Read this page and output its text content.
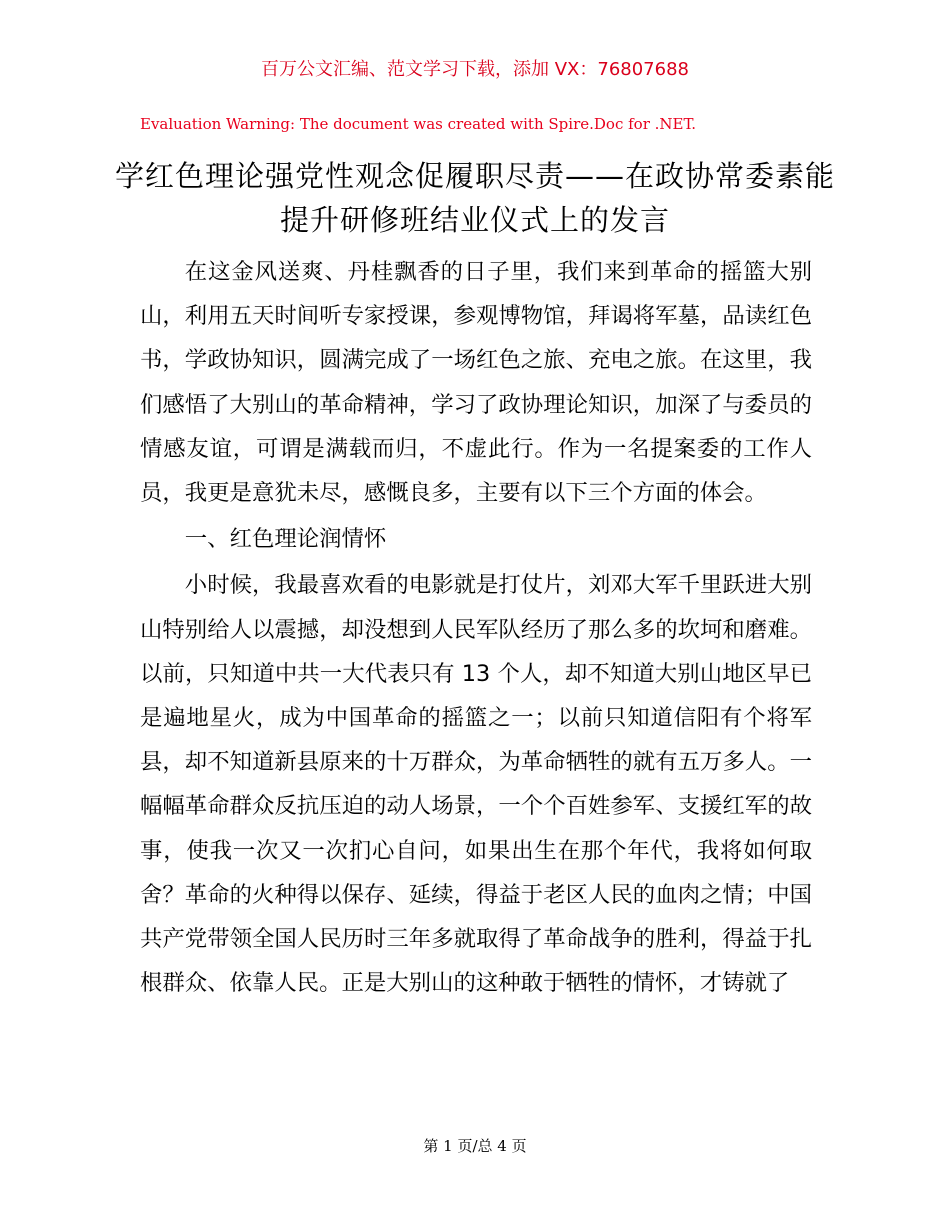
百万公文汇编、范文学习下载，添加 VX：76807688
Evaluation Warning: The document was created with Spire.Doc for .NET.
学红色理论强党性观念促履职尽责——在政协常委素能提升研修班结业仪式上的发言

在这金风送爽、丹桂飘香的日子里，我们来到革命的摇篮大别山，利用五天时间听专家授课，参观博物馆，拜谒将军墓，品读红色书，学政协知识，圆满完成了一场红色之旅、充电之旅。在这里，我们感悟了大别山的革命精神，学习了政协理论知识，加深了与委员的情感友谊，可谓是满载而归，不虚此行。作为一名提案委的工作人员，我更是意犹未尽，感慨良多，主要有以下三个方面的体会。

一、红色理论润情怀

小时候，我最喜欢看的电影就是打仗片，刘邓大军千里跃进大别山特别给人以震撼，却没想到人民军队经历了那么多的坎坷和磨难。以前，只知道中共一大代表只有 13 个人，却不知道大别山地区早已是遍地星火，成为中国革命的摇篮之一；以前只知道信阳有个将军县，却不知道新县原来的十万群众，为革命牺牲的就有五万多人。一幅幅革命群众反抗压迫的动人场景，一个个百姓参军、支援红军的故事，使我一次又一次扪心自问，如果出生在那个年代，我将如何取舍？革命的火种得以保存、延续，得益于老区人民的血肉之情；中国共产党带领全国人民历时三年多就取得了革命战争的胜利，得益于扎根群众、依靠人民。正是大别山的这种敢于牺牲的情怀，才铸就了

第 1 页/总 4 页
